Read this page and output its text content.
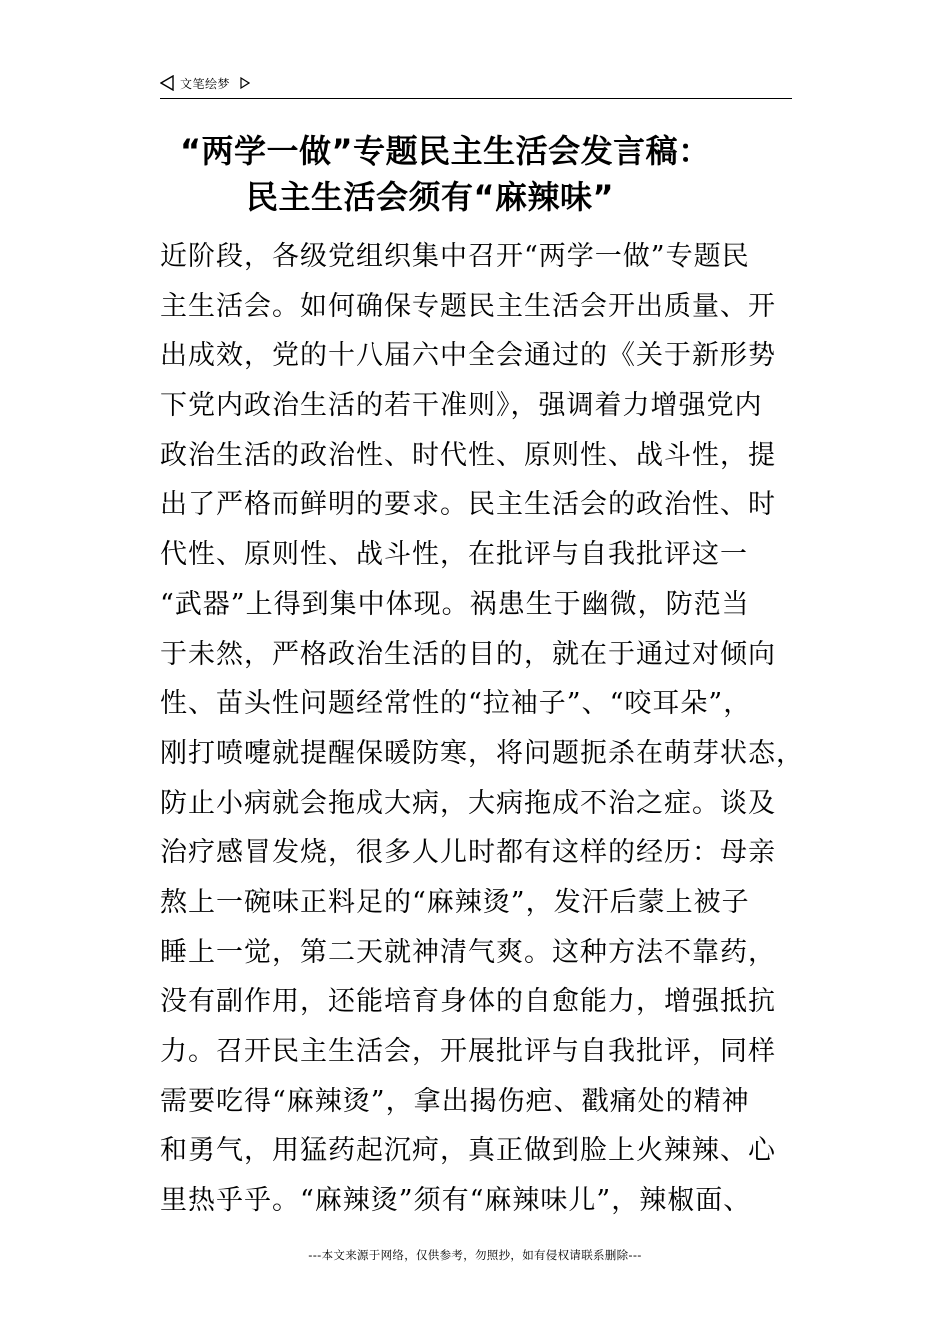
文笔绘梦
“两学一做”专题民主生活会发言稿：
民主生活会须有“麻辣味”
近阶段，各级党组织集中召开“两学一做”专题民
主生活会。如何确保专题民主生活会开出质量、开
出成效，党的十八届六中全会通过的《关于新形势
下党内政治生活的若干准则》，强调着力增强党内
政治生活的政治性、时代性、原则性、战斗性，提
出了严格而鲜明的要求。民主生活会的政治性、时
代性、原则性、战斗性，在批评与自我批评这一
“武器”上得到集中体现。祸患生于幽微，防范当
于未然，严格政治生活的目的，就在于通过对倾向
性、苗头性问题经常性的“拉袖子”、“咬耳朵”，
刚打喷嚏就提醒保暖防寒，将问题扼杀在萌芽状态，
防止小病就会拖成大病，大病拖成不治之症。谈及
治疗感冒发烧，很多人儿时都有这样的经历：母亲
熬上一碗味正料足的“麻辣烫”，发汗后蒙上被子
睡上一觉，第二天就神清气爽。这种方法不靠药，
没有副作用，还能培育身体的自愈能力，增强抵抗
力。召开民主生活会，开展批评与自我批评，同样
需要吃得“麻辣烫”，拿出揭伤疤、戳痛处的精神
和勇气，用猛药起沉疴，真正做到脸上火辣辣、心
里热乎乎。“麻辣烫”须有“麻辣味儿”，辣椒面、
---本文来源于网络，仅供参考，勿照抄，如有侵权请联系删除---
